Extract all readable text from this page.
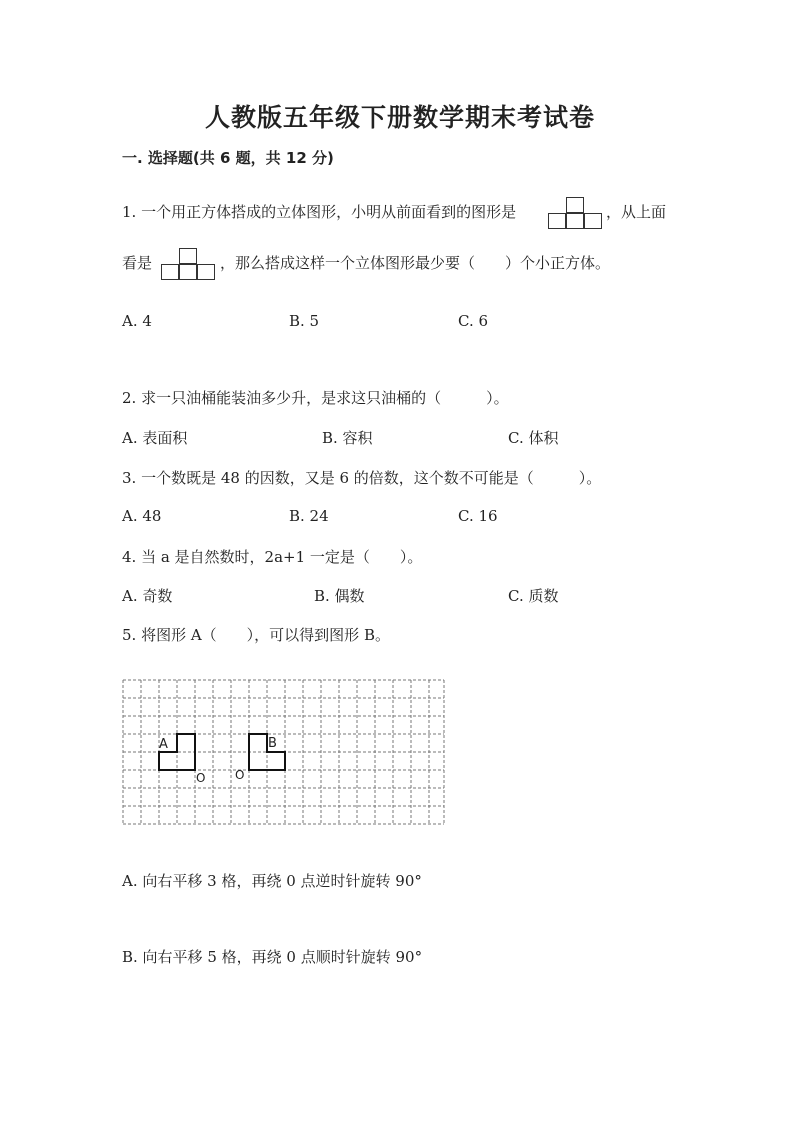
人教版五年级下册数学期末考试卷
一. 选择题(共 6 题，共 12 分)
1. 一个用正方体搭成的立体图形，小明从前面看到的图形是	，从上面
看是	，那么搭成这样一个立体图形最少要（　　）个小正方体。
A. 4	B. 5	C. 6
2. 求一只油桶能装油多少升，是求这只油桶的（　　　）。
A. 表面积	B. 容积	C. 体积
3. 一个数既是 48 的因数，又是 6 的倍数，这个数不可能是（　　　）。
A. 48	B. 24	C. 16
4. 当 a 是自然数时，2a+1 一定是（　　）。
A. 奇数	B. 偶数	C. 质数
5. 将图形 A（　　），可以得到图形 B。
A	B
O O
A. 向右平移 3 格，再绕 0 点逆时针旋转 90°
B. 向右平移 5 格，再绕 0 点顺时针旋转 90°
